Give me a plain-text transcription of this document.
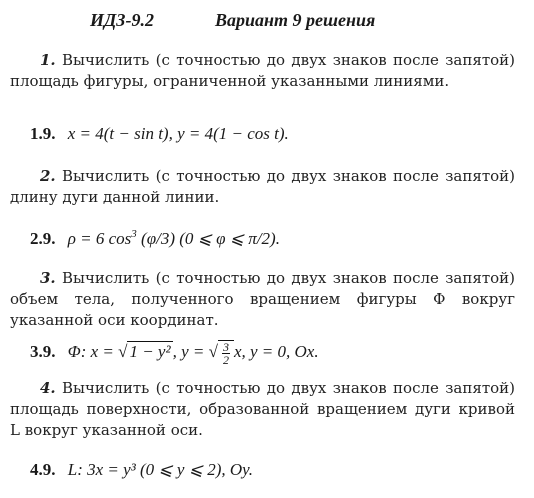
ИДЗ-9.2	Вариант 9 решения
1. Вычислить (с точностью до двух знаков после запятой) площадь фигуры, ограниченной указанными линиями.
1.9. x = 4(t − sin t), y = 4(1 − cos t).
2. Вычислить (с точностью до двух знаков после запятой) длину дуги данной линии.
2.9. ρ = 6 $\cos^3 (\varphi/3)$ (0 ⩽ φ ⩽ π/2).
3. Вычислить (с точностью до двух знаков после запятой) объем тела, полученного вращением фигуры Φ вокруг указанной оси координат.
3.9. Φ: x = √ 1 − y² , y = √ $\frac{3}{2} x$, y = 0, Ox.
4. Вычислить (с точностью до двух знаков после запятой) площадь поверхности, образованной вращением дуги кривой L вокруг указанной оси.
4.9. L: 3x = y³ (0 ⩽ y ⩽ 2), Oy.
